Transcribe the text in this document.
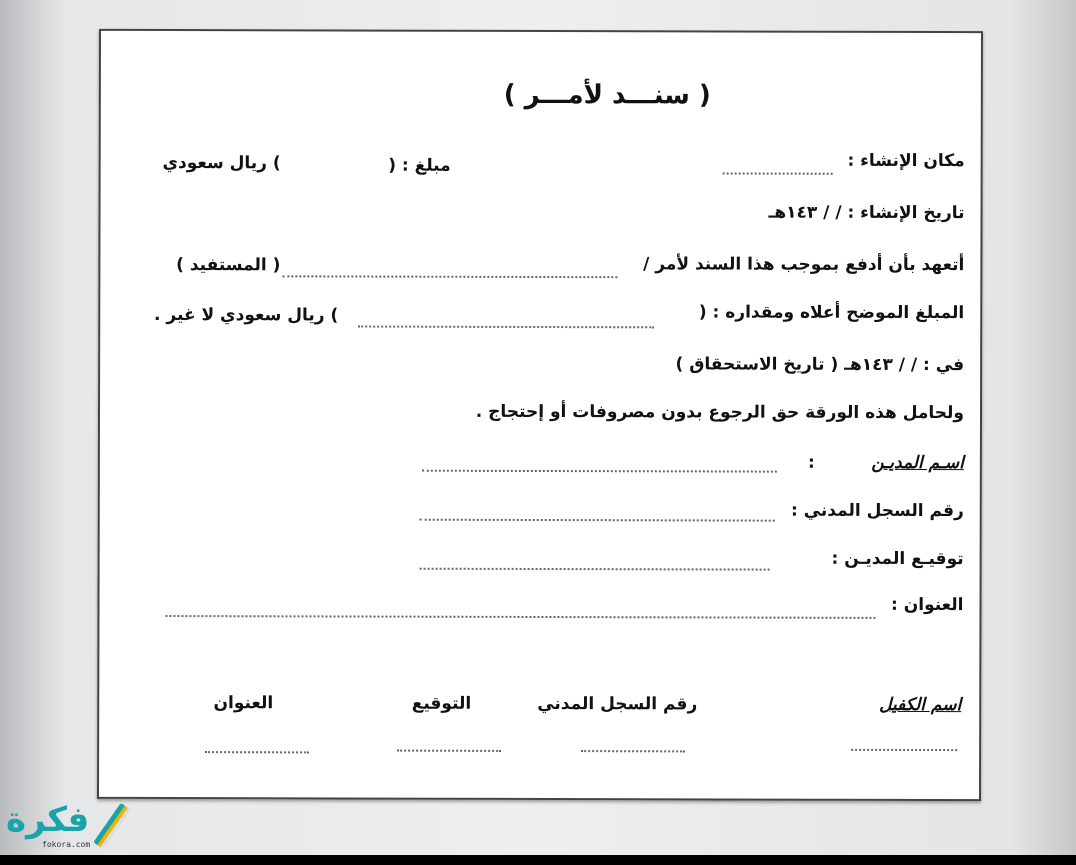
( سنـــد لأمـــر )
مكان الإنشاء :
مبلغ : (
) ريال سعودي
تاريخ الإنشاء : / / ١٤٣هـ
أتعهد بأن أدفع بموجب هذا السند لأمر /
( المستفيد )
المبلغ الموضح أعلاه ومقداره : (
) ريال سعودي لا غير .
في : / / ١٤٣هـ ( تاريخ الاستحقاق )
ولحامل هذه الورقة حق الرجوع بدون مصروفات أو إحتجاج .
اسـم المديـن
:
رقم السجل المدني :
توقيـع المديـن :
العنوان :
اسم الكفيل
رقم السجل المدني
التوقيع
العنوان
فكرة
fokora.com
